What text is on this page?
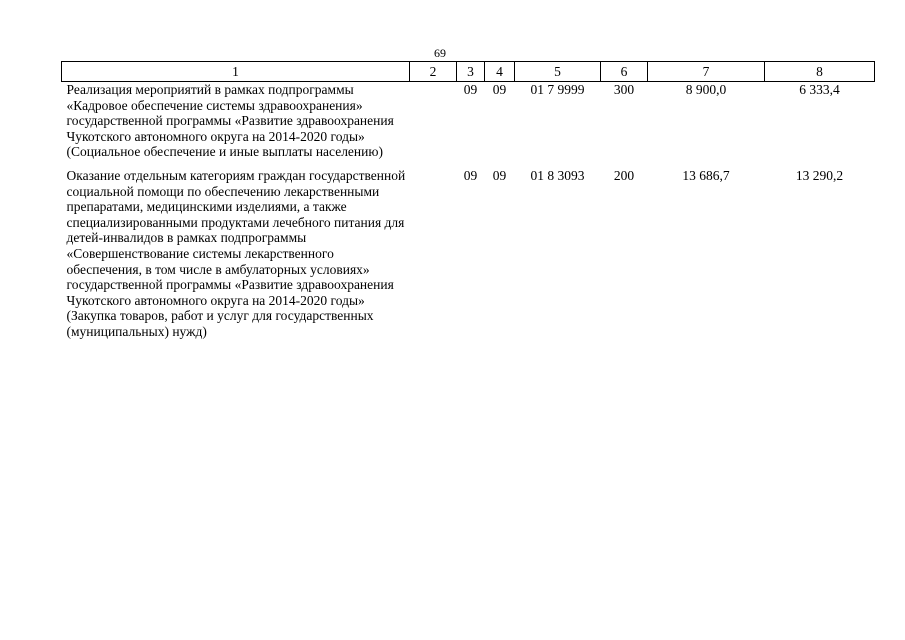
69
1	2	3	4	5	6	7	8
Реализация мероприятий в рамках подпрограммы «Кадровое обеспечение системы здравоохранения» государственной программы «Развитие здравоохранения Чукотского автономного округа на 2014-2020 годы» (Социальное обеспечение и иные выплаты населению)		09	09	01 7 9999	300	8 900,0	6 333,4
Оказание отдельным категориям граждан государственной социальной помощи по обеспечению лекарственными препаратами, медицинскими изделиями, а также специализированными продуктами лечебного питания для детей-инвалидов в рамках подпрограммы «Совершенствование системы лекарственного обеспечения, в том числе в амбулаторных условиях» государственной программы «Развитие здравоохранения Чукотского автономного округа на 2014-2020 годы» (Закупка товаров, работ и услуг для государственных (муниципальных) нужд)		09	09	01 8 3093	200	13 686,7	13 290,2
